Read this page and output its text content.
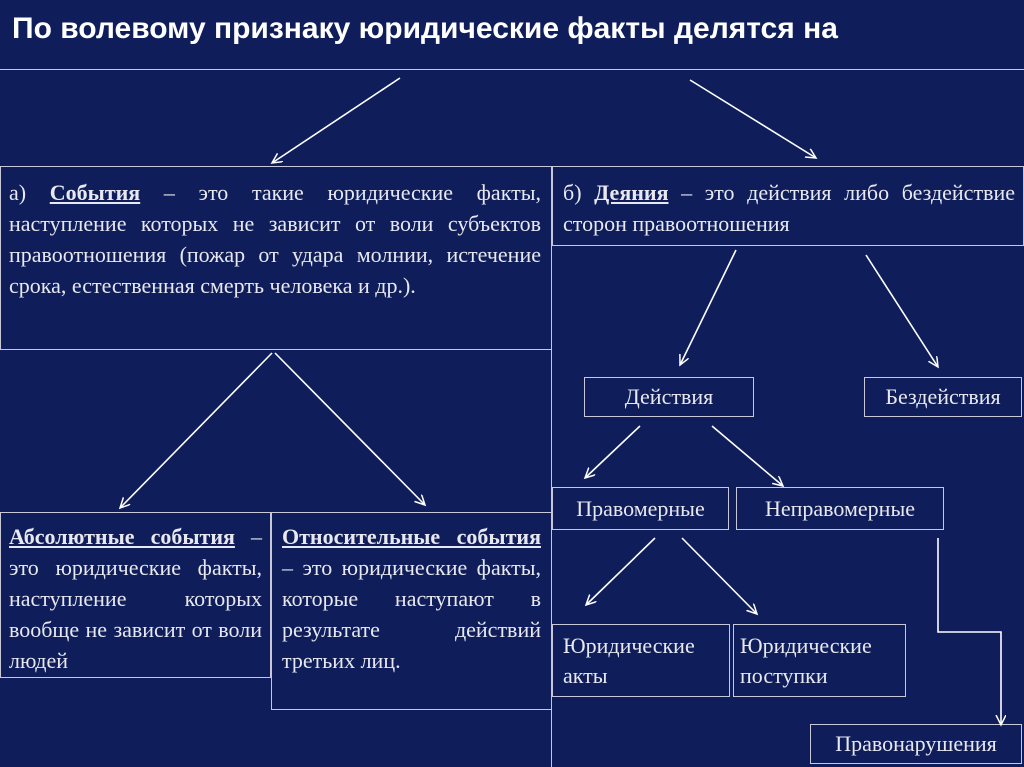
По волевому признаку юридические факты делятся на
а) События – это такие юридические факты, наступление которых не зависит от воли субъектов правоотношения (пожар от удара молнии, истечение срока, естественная смерть человека и др.).
б) Деяния – это действия либо бездействие сторон правоотношения
Абсолютные события – это юридические факты, наступление которых вообще не зависит от воли людей
Относительные события – это юридические факты, которые наступают в результате действий третьих лиц.
Действия	Бездействия
Правомерные	Неправомерные
Юридические акты
Юридические поступки
Правонарушения
